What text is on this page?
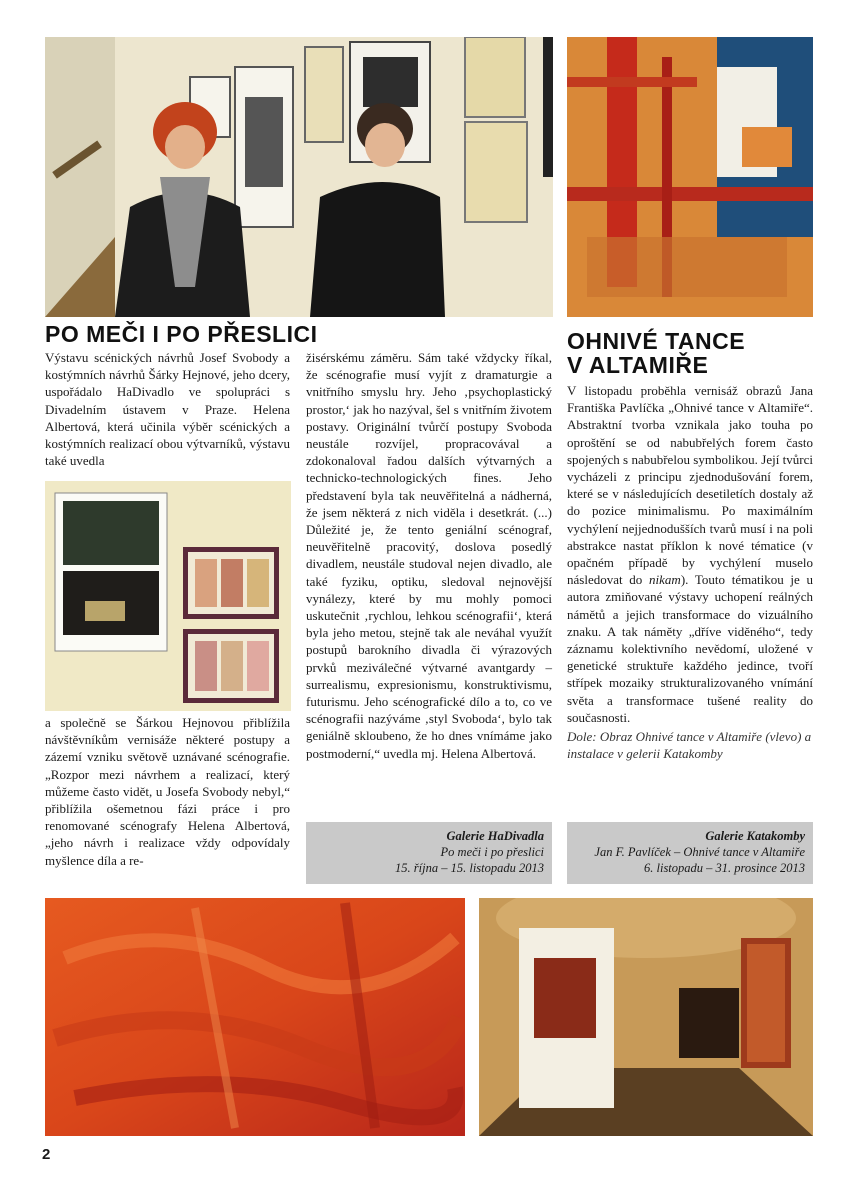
PO MEČI I PO PŘESLICI

Výstavu scénických návrhů Josef Svobody a kostýmních návrhů Šárky Hejnové, jeho dcery, uspořádalo HaDivadlo ve spolupráci s Divadelním ústavem v Praze. Helena Albertová, která učinila výběr scénických a kostýmních realizací obou výtvarníků, výstavu také uvedla

a společně se Šárkou Hejnovou přiblížila návštěvníkům vernisáže některé postupy a zázemí vzniku světově uznávané scénografie. „Rozpor mezi návrhem a realizací, který můžeme často vidět, u Josefa Svobody nebyl,“ přiblížila ošemetnou fázi práce i pro renomované scénografy Helena Albertová, „jeho návrh i realizace vždy odpovídaly myšlence díla a re-

žisérskému záměru. Sám také vždycky říkal, že scénografie musí vyjít z dramaturgie a vnitřního smyslu hry. Jeho ‚psychoplastický prostor,‘ jak ho nazýval, šel s vnitřním životem postavy. Originální tvůrčí postupy Svoboda neustále rozvíjel, propracovával a zdokonaloval řadou dalších výtvarných a technicko-technologických fines. Jeho představení byla tak neuvěřitelná a nádherná, že jsem některá z nich viděla i desetkrát. (...) Důležité je, že tento geniální scénograf, neuvěřitelně pracovitý, doslova posedlý divadlem, neustále studoval nejen divadlo, ale také fyziku, optiku, sledoval nejnovější vynálezy, které by mu mohly pomoci uskutečnit ‚rychlou, lehkou scénografii‘, která byla jeho metou, stejně tak ale neváhal využít postupů barokního divadla či výrazových prvků meziválečné výtvarné avantgardy – surrealismu, expresionismu, konstruktivismu, futurismu. Jeho scénografické dílo a to, co ve scénografii nazýváme ‚styl Svoboda‘, bylo tak geniálně skloubeno, že ho dnes vnímáme jako postmoderní,“ uvedla mj. Helena Albertová.

Galerie HaDivadla
Po meči i po přeslici
15. října – 15. listopadu 2013
OHNIVÉ TANCE
V ALTAMIŘE

V listopadu proběhla vernisáž obrazů Jana Františka Pavlíčka „Ohnivé tance v Altamiře“. Abstraktní tvorba vznikala jako touha po oproštění se od nabubřelých forem často spojených s nabubřelou symbolikou. Její tvůrci vycházeli z principu zjednodušování forem, které se v následujících desetiletích dostaly až do pozice minimalismu. Po maximálním vychýlení nejjednodušších tvarů musí i na poli abstrakce nastat příklon k nové tématice (v opačném případě by vychýlení muselo následovat do nikam). Touto tématikou je u autora zmiňované výstavy uchopení reálných námětů a jejich transformace do vizuálního znaku. A tak náměty „dříve viděného“, tedy záznamu kolektivního nevědomí, uložené v genetické struktuře každého jedince, tvoří střípek mozaiky strukturalizovaného vnímání světa a transformace tušené reality do současnosti.

Dole: Obraz Ohnivé tance v Altamiře (vlevo) a instalace v gelerii Katakomby

Galerie Katakomby
Jan F. Pavlíček – Ohnivé tance v Altamiře
6. listopadu – 31. prosince 2013
2
